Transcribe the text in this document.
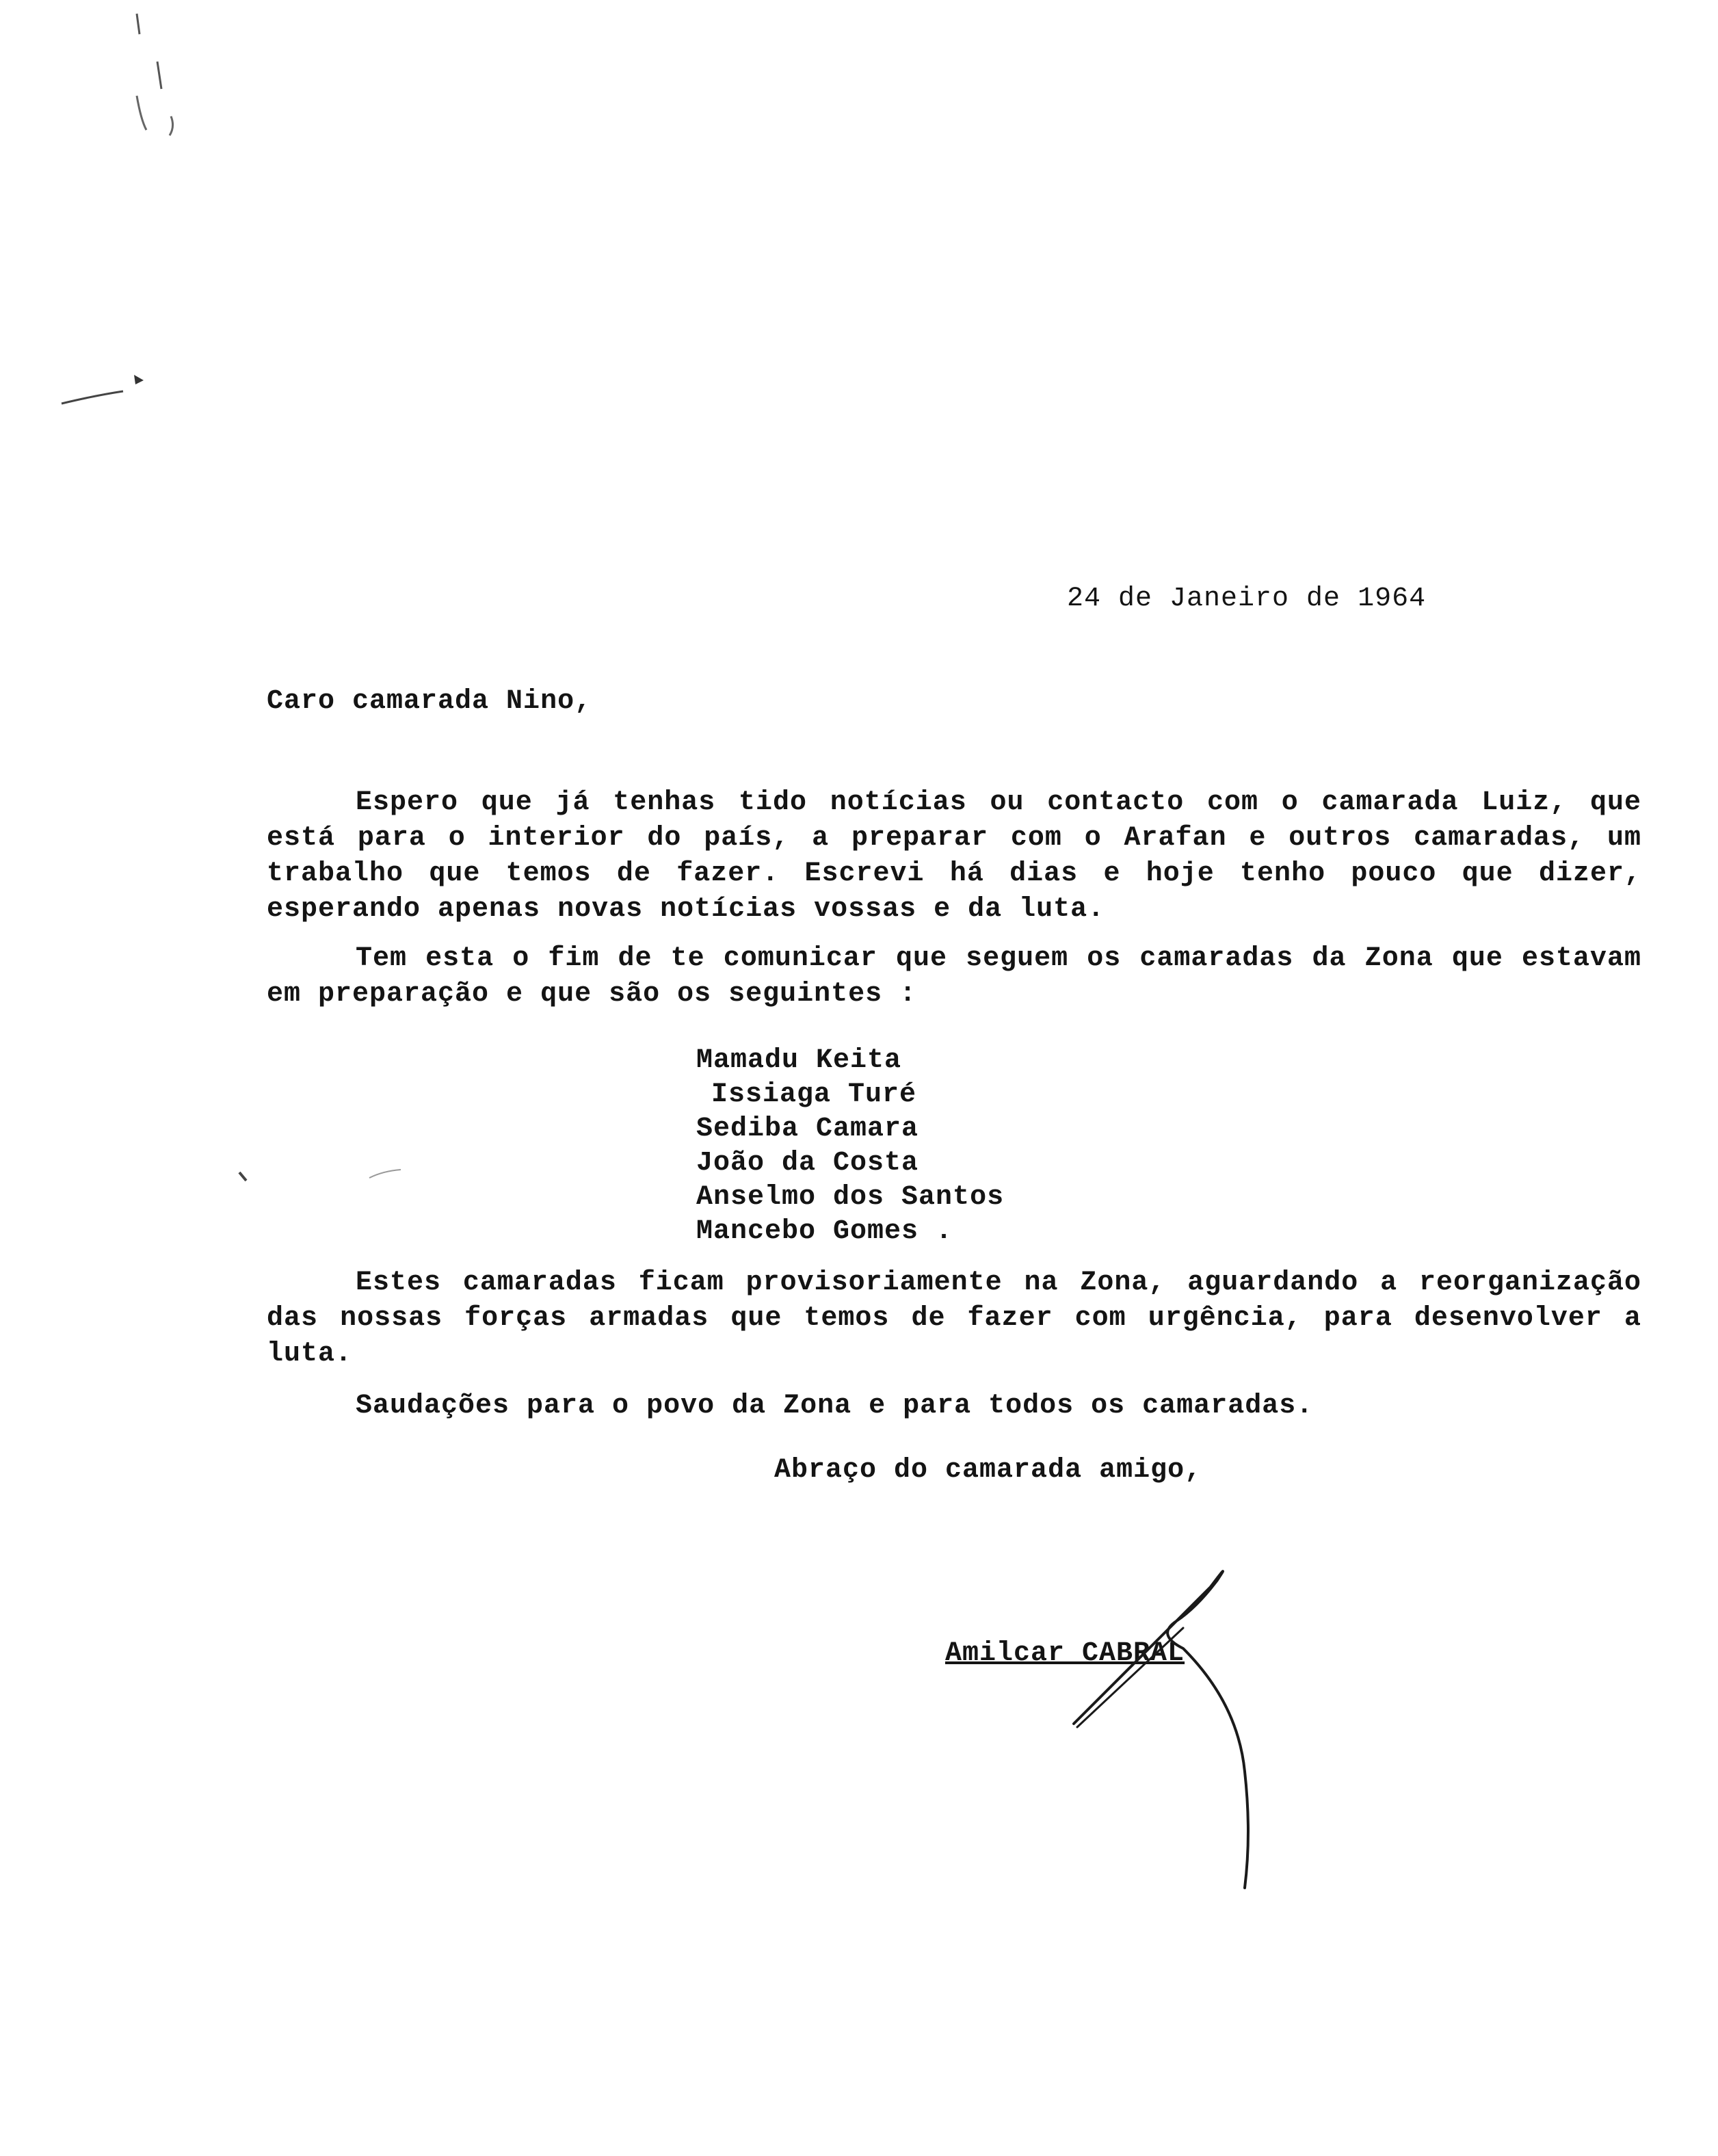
24 de Janeiro de 1964
Caro camarada Nino,
Espero que já tenhas tido notícias ou contacto com o camarada Luiz, que está para o interior do país, a preparar com o Arafan e outros camaradas, um trabalho que temos de fazer. Escrevi há dias e hoje tenho pouco que dizer, esperando apenas novas notícias vossas e da luta.
Tem esta o fim de te comunicar que seguem os camaradas da Zona que estavam em preparação e que são os seguintes :
Mamadu Keita
Issiaga Turé
Sediba Camara
João da Costa
Anselmo dos Santos
Mancebo Gomes .
Estes camaradas ficam provisoriamente na Zona, aguardando a reorganização das nossas forças armadas que temos de fazer com urgência, para desenvolver a luta.
Saudações para o povo da Zona e para todos os camaradas.
Abraço do camarada amigo,
Amilcar CABRAL
